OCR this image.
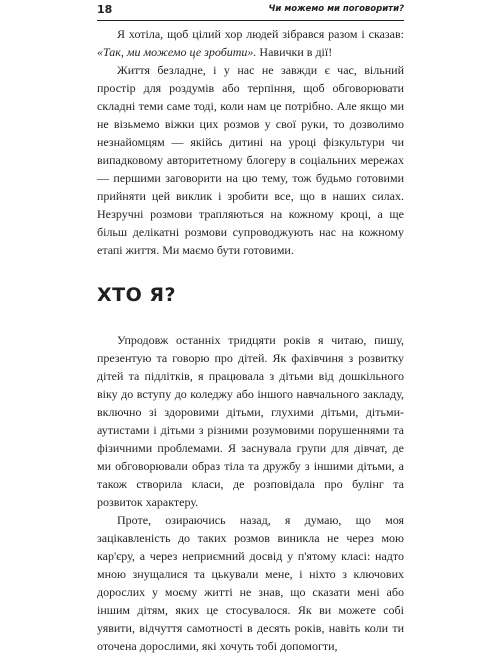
18	Чи можемо ми поговорити?

Я хотіла, щоб цілий хор людей зібрався разом і сказав: «Так, ми можемо це зробити». Навички в дії!

Життя безладне, і у нас не завжди є час, вільний простір для роздумів або терпіння, щоб обговорювати складні теми саме тоді, коли нам це потрібно. Але якщо ми не візьмемо віжки цих розмов у свої руки, то дозволимо незнайомцям — якійсь дитині на уроці фізкультури чи випадковому авторитетному блогеру в соціальних мережах — першими заговорити на цю тему, тож будьмо готовими прийняти цей виклик і зробити все, що в наших силах. Незручні розмови трапляються на кожному кроці, а ще більш делікатні розмови супроводжують нас на кожному етапі життя. Ми маємо бути готовими.

ХТО Я?

Упродовж останніх тридцяти років я читаю, пишу, презентую та говорю про дітей. Як фахівчиня з розвитку дітей та підлітків, я працювала з дітьми від дошкільного віку до вступу до коледжу або іншого навчального закладу, включно зі здоровими дітьми, глухими дітьми, дітьми-аутистами і дітьми з різними розумовими порушеннями та фізичними проблемами. Я заснувала групи для дівчат, де ми обговорювали образ тіла та дружбу з іншими дітьми, а також створила класи, де розповідала про булінг та розвиток характеру.

Проте, озираючись назад, я думаю, що моя зацікавленість до таких розмов виникла не через мою кар'єру, а через неприємний досвід у п'ятому класі: надто мною знущалися та цькували мене, і ніхто з ключових дорослих у моєму житті не знав, що сказати мені або іншим дітям, яких це стосувалося. Як ви можете собі уявити, відчуття самотності в десять років, навіть коли ти оточена дорослими, які хочуть тобі допомогти,
